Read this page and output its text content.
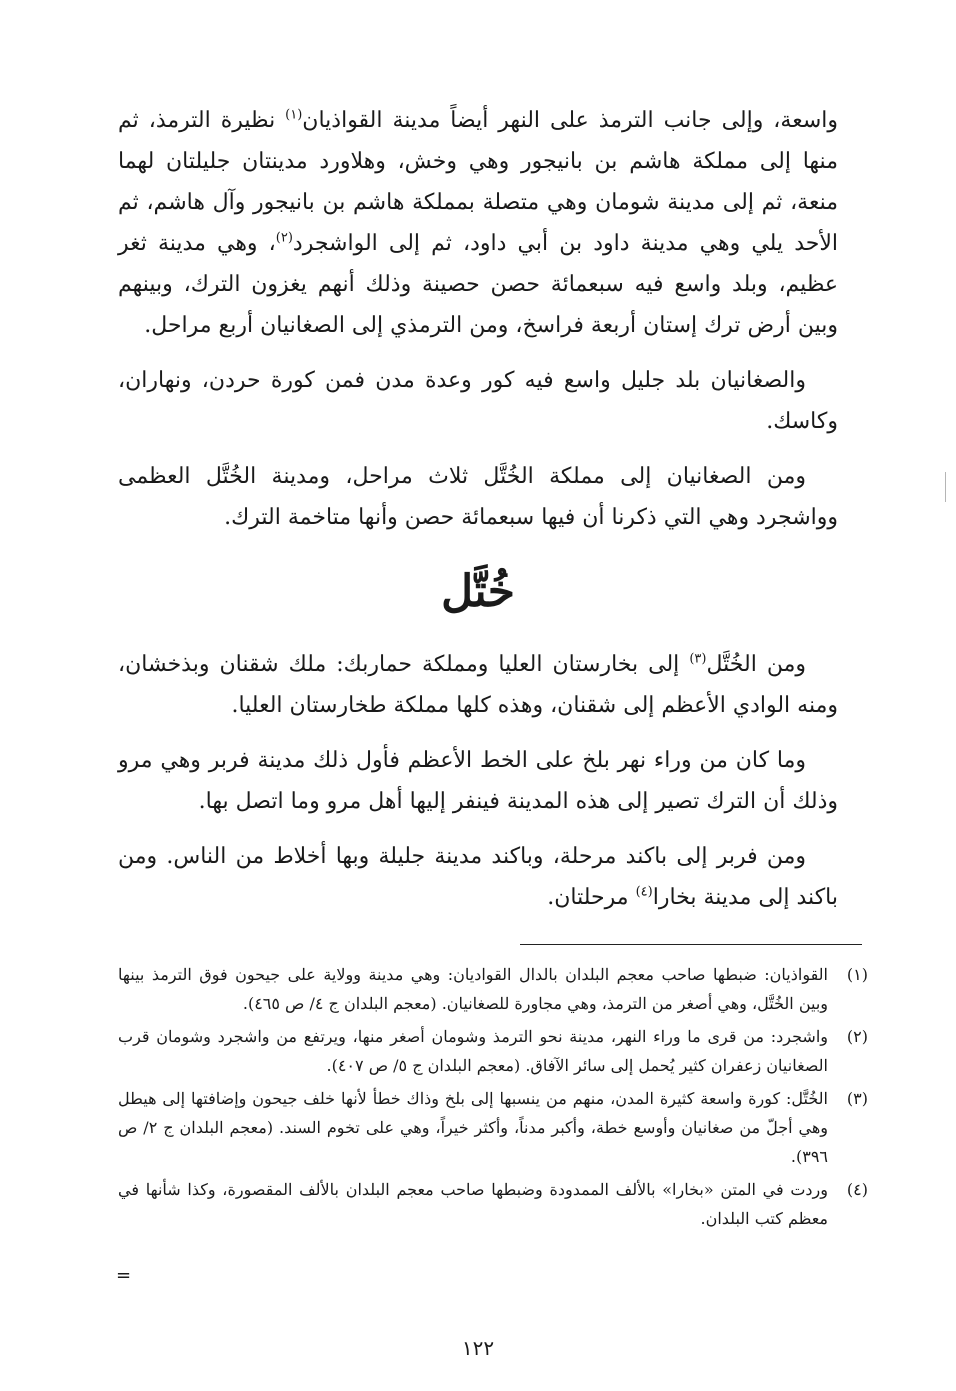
واسعة، وإلى جانب الترمذ على النهر أيضاً مدينة القواذيان$^{(١)}$ نظيرة الترمذ، ثم منها إلى مملكة هاشم بن بانيجور وهي وخش، وهلاورد مدينتان جليلتان لهما منعة، ثم إلى مدينة شومان وهي متصلة بمملكة هاشم بن بانيجور وآل هاشم، ثم الأحد يلي وهي مدينة داود بن أبي داود، ثم إلى الواشجرد$^{(٢)}$، وهي مدينة ثغر عظيم، وبلد واسع فيه سبعمائة حصن حصينة وذلك أنهم يغزون الترك، وبينهم وبين أرض ترك إستان أربعة فراسخ، ومن الترمذي إلى الصغانيان أربع مراحل.

والصغانيان بلد جليل واسع فيه كور وعدة مدن فمن كورة حردن، ونهاران، وكاسك.

ومن الصغانيان إلى مملكة الخُتَّل ثلاث مراحل، ومدينة الخُتَّل العظمى وواشجرد وهي التي ذكرنا أن فيها سبعمائة حصن وأنها متاخمة الترك.

خُتَّل

ومن الخُتَّل$^{(٣)}$ إلى بخارستان العليا ومملكة حماربك: ملك شقنان وبذخشان، ومنه الوادي الأعظم إلى شقنان، وهذه كلها مملكة طخارستان العليا.

وما كان من وراء نهر بلخ على الخط الأعظم فأول ذلك مدينة فربر وهي مرو وذلك أن الترك تصير إلى هذه المدينة فينفر إليها أهل مرو وما اتصل بها.

ومن فربر إلى باكند مرحلة، وباكند مدينة جليلة وبها أخلاط من الناس. ومن باكند إلى مدينة بخارا$^{(٤)}$ مرحلتان.

(١)
القواذيان: ضبطها صاحب معجم البلدان بالدال القواديان: وهي مدينة وولاية على جيحون فوق الترمذ بينها وبين الخُتَّل، وهي أصغر من الترمذ، وهي مجاورة للصغانيان. (معجم البلدان ج ٤/ ص ٤٦٥).
(٢)
واشجرد: من قرى ما وراء النهر، مدينة نحو الترمذ وشومان أصغر منها، ويرتفع من واشجرد وشومان قرب الصغانيان زعفران كثير يُحمل إلى سائر الآفاق. (معجم البلدان ج ٥/ ص ٤٠٧).
(٣)
الخُتَّل: كورة واسعة كثيرة المدن، منهم من ينسبها إلى بلخ وذاك خطأ لأنها خلف جيحون وإضافتها إلى هيطل وهي أجلّ من صغانيان وأوسع خطة، وأكبر مدناً، وأكثر خيراً، وهي على تخوم السند. (معجم البلدان ج ٢/ ص ٣٩٦).
(٤)
وردت في المتن «بخارا» بالألف الممدودة وضبطها صاحب معجم البلدان بالألف المقصورة، وكذا شأنها في معظم كتب البلدان.
=
١٢٢
